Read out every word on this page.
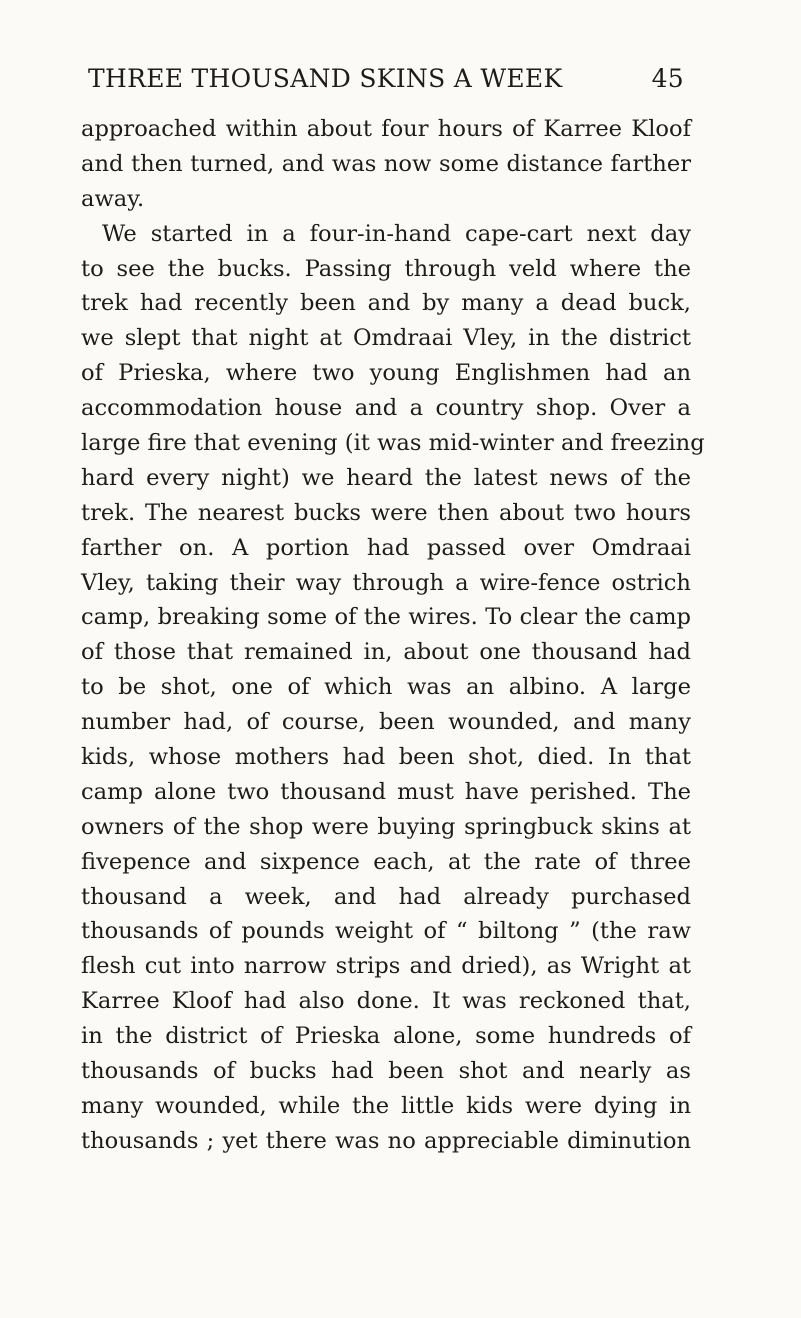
THREE THOUSAND SKINS A WEEK	45
approached within about four hours of Karree Kloof
and then turned, and was now some distance farther
away.
We started in a four-in-hand cape-cart next day
to see the bucks. Passing through veld where the
trek had recently been and by many a dead buck,
we slept that night at Omdraai Vley, in the district
of Prieska, where two young Englishmen had an
accommodation house and a country shop. Over a
large fire that evening (it was mid-winter and freezing
hard every night) we heard the latest news of the
trek. The nearest bucks were then about two hours
farther on. A portion had passed over Omdraai
Vley, taking their way through a wire-fence ostrich
camp, breaking some of the wires. To clear the camp
of those that remained in, about one thousand had
to be shot, one of which was an albino. A large
number had, of course, been wounded, and many
kids, whose mothers had been shot, died. In that
camp alone two thousand must have perished. The
owners of the shop were buying springbuck skins at
fivepence and sixpence each, at the rate of three
thousand a week, and had already purchased
thousands of pounds weight of “ biltong ” (the raw
flesh cut into narrow strips and dried), as Wright at
Karree Kloof had also done. It was reckoned that,
in the district of Prieska alone, some hundreds of
thousands of bucks had been shot and nearly as
many wounded, while the little kids were dying in
thousands ; yet there was no appreciable diminution
